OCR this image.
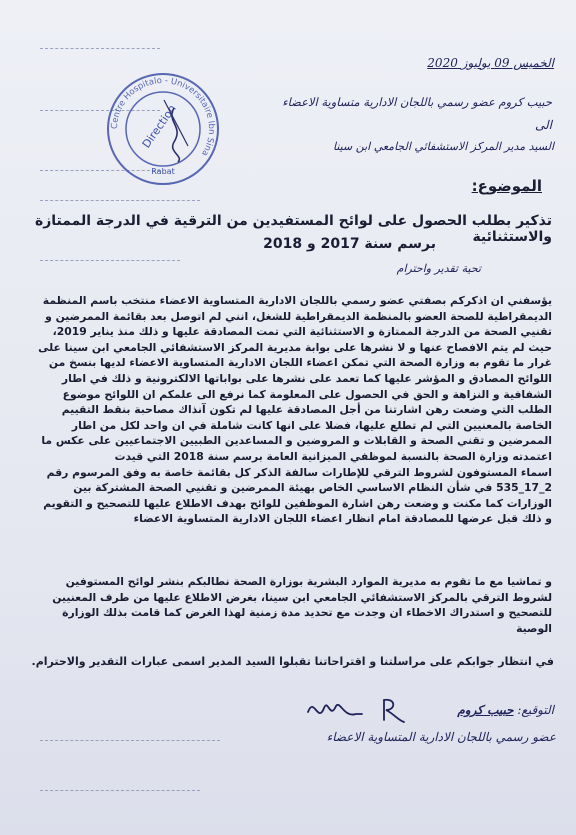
الخميس 09 يوليوز 2020
حبيب كروم عضو رسمي باللجان الادارية متساوية الاعضاء
الى
السيد مدير المركز الاستشفائي الجامعي ابن سينا
Centre Hospitalo - Universitaire Ibn Sina
Direction
Rabat
الموضوع:
تذكير بطلب الحصول على لوائح المستفيدين من الترقية في الدرجة الممتازة والاستثنائية
برسم سنة 2017 و 2018
تحية تقدير واحترام

يؤسفني ان اذكركم بصفتي عضو رسمي باللجان الادارية المتساوية الاعضاء منتخب باسم المنظمة

الديمقراطية للصحة العضو بالمنظمة الديمقراطية للشغل، انني لم اتوصل بعد بقائمة الممرضين و

تقنيي الصحة من الدرجة الممتازة و الاستثنائية التي تمت المصادقة عليها و ذلك منذ يناير 2019،

حيث لم يتم الافصاح عنها و لا نشرها على بوابة مديرية المركز الاستشفائي الجامعي ابن سينا على

غرار ما تقوم به وزارة الصحة التي تمكن اعضاء اللجان الادارية المتساوية الاعضاء لديها بنسخ من

اللوائح المصادق و المؤشر عليها كما تعمد على نشرها على بواباتها الالكترونية و ذلك في اطار

الشفافية و النزاهة و الحق في الحصول على المعلومة كما نرفع الى علمكم ان اللوائح موضوع

الطلب التي وضعت رهن اشارتنا من أجل المصادقة عليها لم تكون آنذاك مصاحبة بنقط التقييم

الخاصة بالمعنيين التي لم تطلع عليها، فضلا على انها كانت شاملة في ان واحد لكل من اطار

الممرضين و تقني الصحة و القابلات و المروضين و المساعدين الطبيين الاجتماعيين على عكس ما

اعتمدته وزارة الصحة بالنسبة لموظفي الميزانية العامة برسم سنة 2018 التي قيدت

اسماء المستوفون لشروط الترقي للإطارات سالفة الذكر كل بقائمة خاصة به وفق المرسوم رقم

2_17_535 في شأن النظام الاساسي الخاص بهيئة الممرضين و تقنيي الصحة المشتركة بين

الوزارات كما مكنت و وضعت رهن اشارة الموظفين للوائح بهدف الاطلاع عليها للتصحيح و التقويم

و ذلك قبل عرضها للمصادقة امام انظار اعضاء اللجان الادارية المتساوية الاعضاء

و تماشيا مع ما تقوم به مديرية الموارد البشرية بوزارة الصحة نطالبكم بنشر لوائح المستوفين

لشروط الترقي بالمركز الاستشفائي الجامعي ابن سينا، بغرض الاطلاع عليها من طرف المعنيين

للتصحيح و استدراك الاخطاء ان وجدت مع تحديد مدة زمنية لهذا الغرض كما قامت بذلك الوزارة

الوصية

في انتظار جوابكم على مراسلتنا و اقتراحاتنا تقبلوا السيد المدير اسمى عبارات التقدير والاحترام.
التوقيع: حبيب كروم
عضو رسمي باللجان الادارية المتساوية الاعضاء
